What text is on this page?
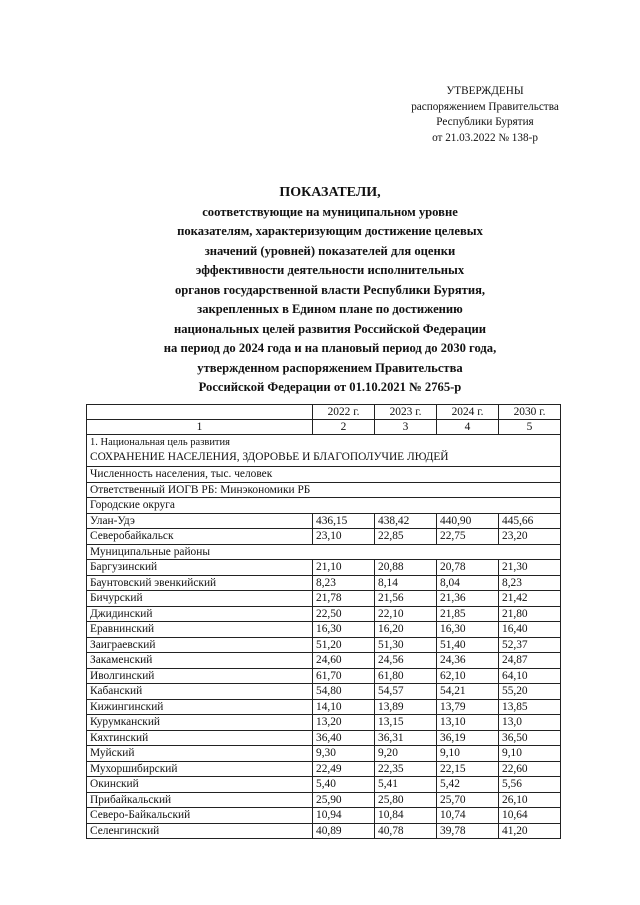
УТВЕРЖДЕНЫ
распоряжением Правительства
Республики Бурятия
от 21.03.2022 № 138-р
ПОКАЗАТЕЛИ,
соответствующие на муниципальном уровне
показателям, характеризующим достижение целевых
значений (уровней) показателей для оценки
эффективности деятельности исполнительных
органов государственной власти Республики Бурятия,
закрепленных в Едином плане по достижению
национальных целей развития Российской Федерации
на период до 2024 года и на плановый период до 2030 года,
утвержденном распоряжением Правительства
Российской Федерации от 01.10.2021 № 2765-р
	2022 г.	2023 г.	2024 г.	2030 г.
1	2	3	4	5

1. Национальная цель развития
СОХРАНЕНИЕ НАСЕЛЕНИЯ, ЗДОРОВЬЕ И БЛАГОПОЛУЧИЕ ЛЮДЕЙ				

Численность населения, тыс. человек				
Ответственный ИОГВ РБ: Минэкономики РБ				
Городские округа				
Улан-Удэ	436,15	438,42	440,90	445,66
Северобайкальск	23,10	22,85	22,75	23,20
Муниципальные районы				
Баргузинский	21,10	20,88	20,78	21,30
Баунтовский эвенкийский	8,23	8,14	8,04	8,23
Бичурский	21,78	21,56	21,36	21,42
Джидинский	22,50	22,10	21,85	21,80
Еравнинский	16,30	16,20	16,30	16,40
Заиграевский	51,20	51,30	51,40	52,37
Закаменский	24,60	24,56	24,36	24,87
Иволгинский	61,70	61,80	62,10	64,10
Кабанский	54,80	54,57	54,21	55,20
Кижингинский	14,10	13,89	13,79	13,85
Курумканский	13,20	13,15	13,10	13,0
Кяхтинский	36,40	36,31	36,19	36,50
Муйский	9,30	9,20	9,10	9,10
Мухоршибирский	22,49	22,35	22,15	22,60
Окинский	5,40	5,41	5,42	5,56
Прибайкальский	25,90	25,80	25,70	26,10
Северо-Байкальский	10,94	10,84	10,74	10,64
Селенгинский	40,89	40,78	39,78	41,20
